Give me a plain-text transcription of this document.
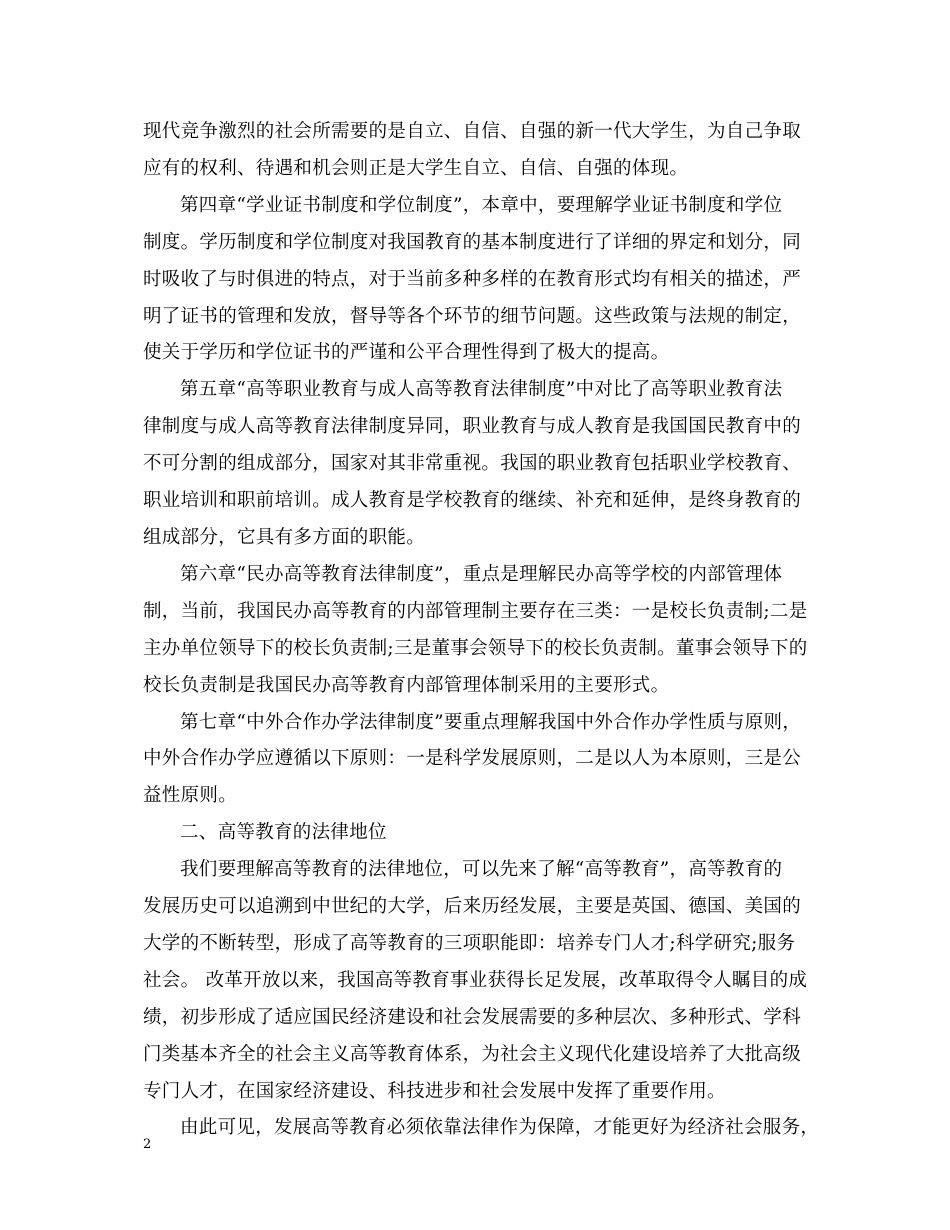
现代竞争激烈的社会所需要的是自立、自信、自强的新一代大学生，为自己争取
应有的权利、待遇和机会则正是大学生自立、自信、自强的体现。

第四章“学业证书制度和学位制度”，本章中，要理解学业证书制度和学位
制度。学历制度和学位制度对我国教育的基本制度进行了详细的界定和划分，同
时吸收了与时俱进的特点，对于当前多种多样的在教育形式均有相关的描述，严
明了证书的管理和发放，督导等各个环节的细节问题。这些政策与法规的制定，
使关于学历和学位证书的严谨和公平合理性得到了极大的提高。

第五章“高等职业教育与成人高等教育法律制度”中对比了高等职业教育法
律制度与成人高等教育法律制度异同，职业教育与成人教育是我国国民教育中的
不可分割的组成部分，国家对其非常重视。我国的职业教育包括职业学校教育、
职业培训和职前培训。成人教育是学校教育的继续、补充和延伸，是终身教育的
组成部分，它具有多方面的职能。

第六章“民办高等教育法律制度”，重点是理解民办高等学校的内部管理体
制，当前，我国民办高等教育的内部管理制主要存在三类：一是校长负责制;二是
主办单位领导下的校长负责制;三是董事会领导下的校长负责制。董事会领导下的
校长负责制是我国民办高等教育内部管理体制采用的主要形式。

第七章“中外合作办学法律制度”要重点理解我国中外合作办学性质与原则，
中外合作办学应遵循以下原则：一是科学发展原则，二是以人为本原则，三是公
益性原则。

二、高等教育的法律地位

我们要理解高等教育的法律地位，可以先来了解“高等教育”，高等教育的
发展历史可以追溯到中世纪的大学，后来历经发展，主要是英国、德国、美国的
大学的不断转型，形成了高等教育的三项职能即：培养专门人才;科学研究;服务
社会。 改革开放以来，我国高等教育事业获得长足发展，改革取得令人瞩目的成
绩，初步形成了适应国民经济建设和社会发展需要的多种层次、多种形式、学科
门类基本齐全的社会主义高等教育体系，为社会主义现代化建设培养了大批高级
专门人才，在国家经济建设、科技进步和社会发展中发挥了重要作用。

由此可见，发展高等教育必须依靠法律作为保障，才能更好为经济社会服务，

2
